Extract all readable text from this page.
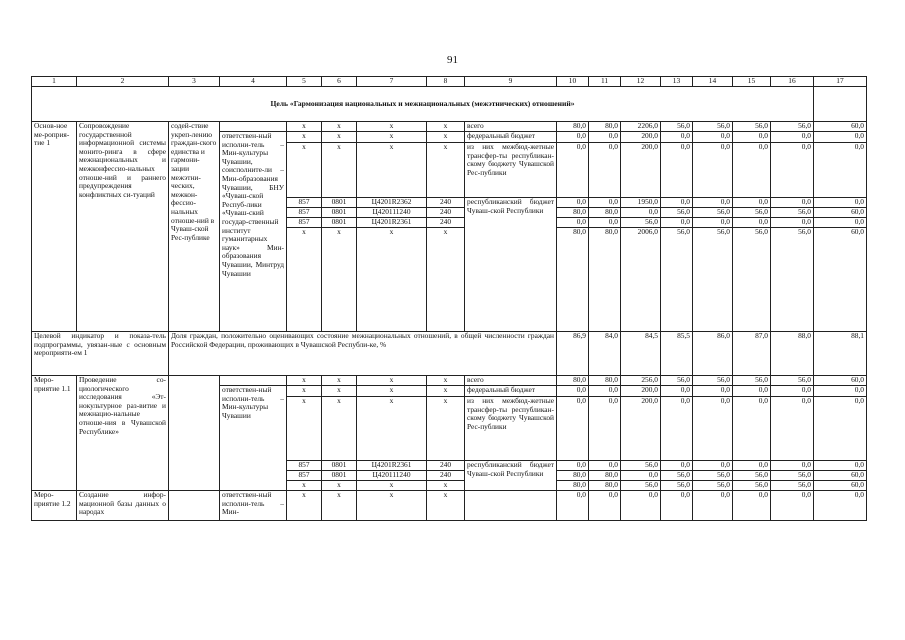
91
1	2	3	4	5	6	7	8	9	10	11	12	13	14	15	16	17
Цель «Гармонизация национальных и межнациональных (межэтнических) отношений»																
Основ-ное ме-роприя-тие 1	Сопровождение государственной информационной системы монито-ринга в сфере межнациональных и межконфессио-нальных отноше-ний и раннего предупреждения конфликтных си-туаций	содей-ствие укреп-лению граждан-ского единства и гармони-зации межэтни-ческих, межкон-фессио-нальных отноше-ний в Чуваш-ской Рес-публике		x	x	x	x	всего	80,0	80,0	2206,0	56,0	56,0	56,0	56,0	60,0
			ответствен-ный исполни-тель – Мин-культуры Чувашии, соисполните-ли – Мин-образования Чувашии, БНУ «Чуваш-ской Респуб-лики «Чуваш-ский государ-ственный институт гуманитарных наук» Мин-образования Чувашии, Минтруд Чувашии	x	x	x	x	федеральный бюджет	0,0	0,0	200,0	0,0	0,0	0,0	0,0	0,0
				x	x	x	x	из них межбюд-жетные трансфер-ты республикан-скому бюджету Чувашской Рес-публики	0,0	0,0	200,0	0,0	0,0	0,0	0,0	0,0
				857	0801	Ц4201R2362	240	республиканский бюджет Чуваш-ской Республики	0,0	0,0	1950,0	0,0	0,0	0,0	0,0	0,0
				857	0801	Ц420111240	240		80,0	80,0	0,0	56,0	56,0	56,0	56,0	60,0
				857	0801	Ц4201R2361	240		0,0	0,0	56,0	0,0	0,0	0,0	0,0	0,0
				x	x	x	x		80,0	80,0	2006,0	56,0	56,0	56,0	56,0	60,0
Целевой индикатор и показа-тель подпрограммы, увязан-ные с основным мероприяти-ем 1		Доля граждан, положительно оценивающих состояние межнациональных отношений, в общей численности граждан Российской Федерации, проживающих в Чувашской Республи-ке, %							86,9	84,0	84,5	85,5	86,0	87,0	88,0	88,1
Меро-приятие 1.1	Проведение со-циологического исследования «Эт-нокультурное раз-витие и межнацио-нальные отноше-ния в Чувашской Республике»			x	x	x	x	всего	80,0	80,0	256,0	56,0	56,0	56,0	56,0	60,0
			ответствен-ный исполни-тель – Мин-культуры Чувашии	x	x	x	x	федеральный бюджет	0,0	0,0	200,0	0,0	0,0	0,0	0,0	0,0
				x	x	x	x	из них межбюд-жетные трансфер-ты республикан-скому бюджету Чувашской Рес-публики	0,0	0,0	200,0	0,0	0,0	0,0	0,0	0,0
				857	0801	Ц4201R2361	240	республиканский бюджет Чуваш-ской Республики	0,0	0,0	56,0	0,0	0,0	0,0	0,0	0,0
				857	0801	Ц420111240	240		80,0	80,0	0,0	56,0	56,0	56,0	56,0	60,0
				x	x	x	x		80,0	80,0	56,0	56,0	56,0	56,0	56,0	60,0
Меро-приятие 1.2	Создание инфор-мационной базы данных о народах		ответствен-ный исполни-тель – Мин-	x	x	x	x		0,0	0,0	0,0	0,0	0,0	0,0	0,0	0,0
